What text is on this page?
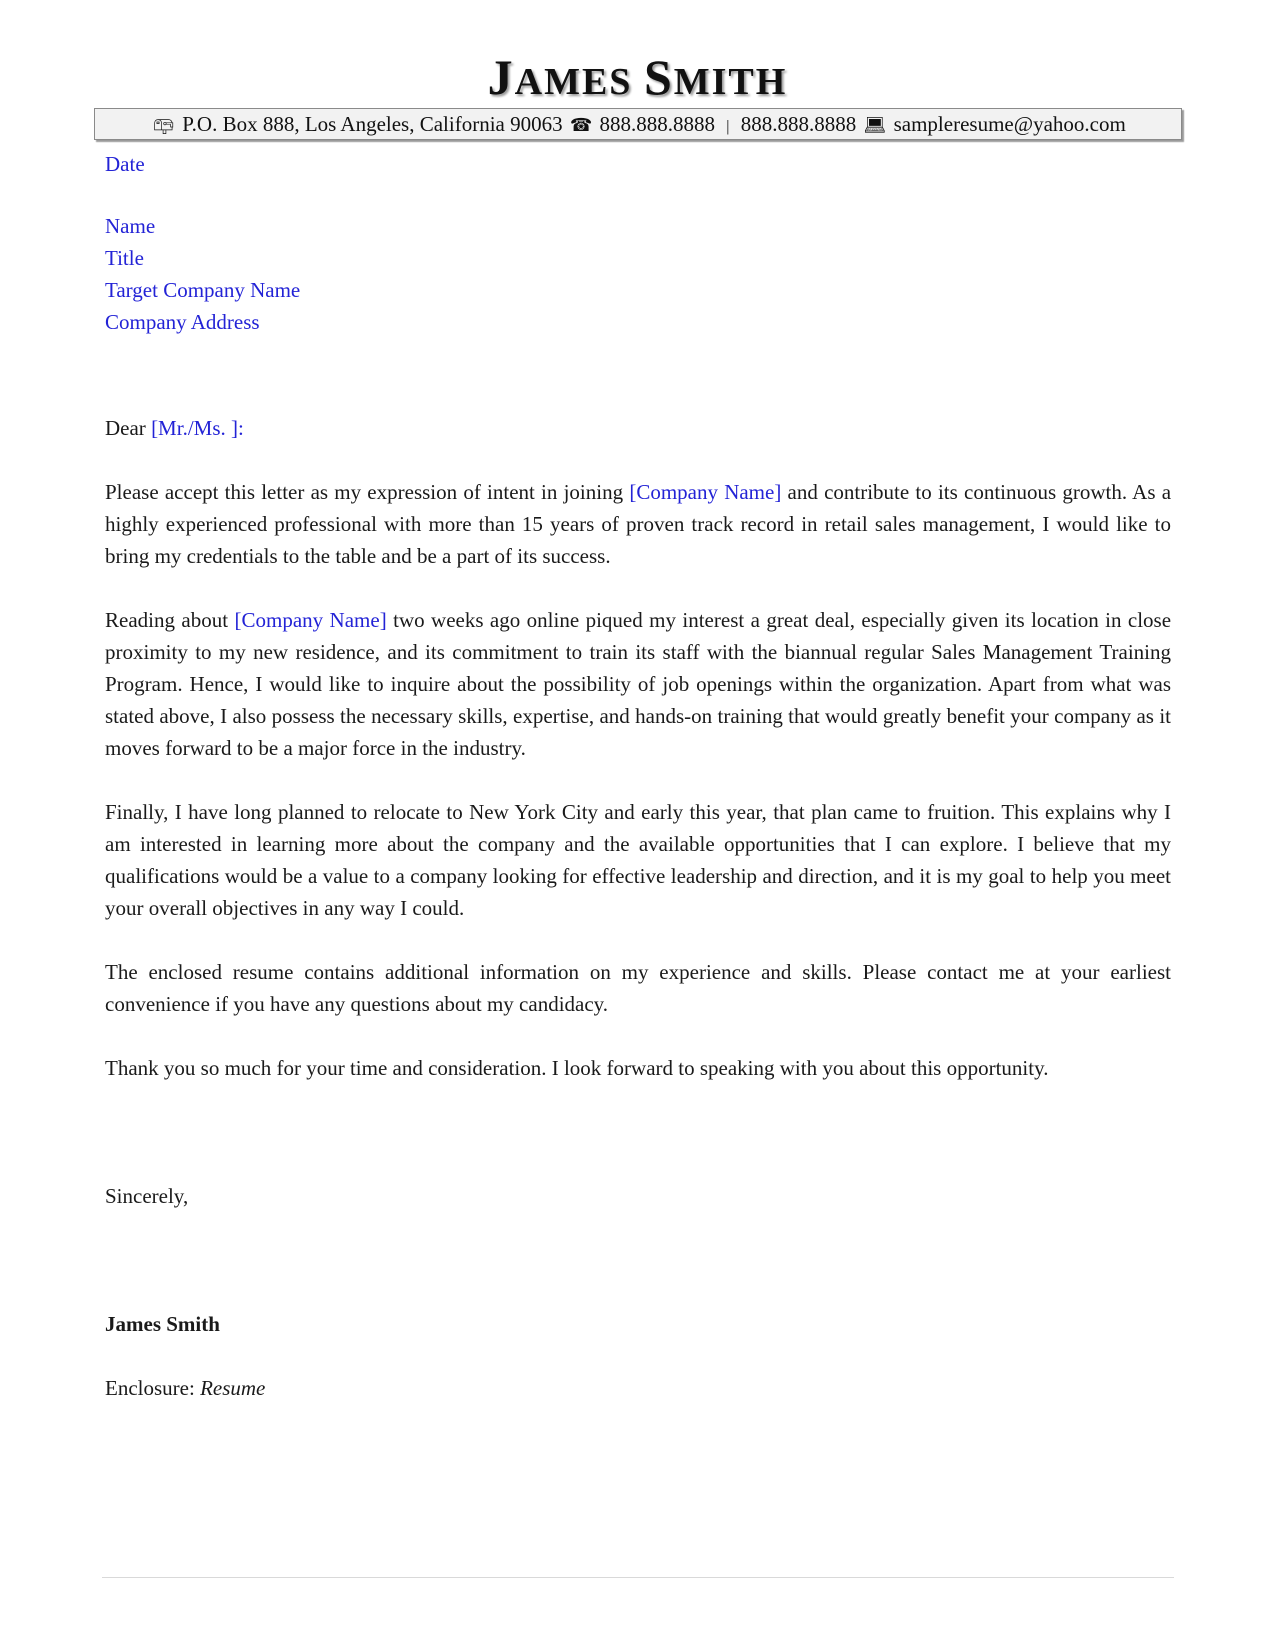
JAMES SMITH
📪︎ P.O. Box 888, Los Angeles, California 90063 ☎ 888.888.8888 | 888.888.8888 💻︎ sampleresume@yahoo.com
Date
Name
Title
Target Company Name
Company Address
Dear [Mr./Ms. ]:
Please accept this letter as my expression of intent in joining [Company Name] and contribute to its continuous growth. As a highly experienced professional with more than 15 years of proven track record in retail sales management, I would like to bring my credentials to the table and be a part of its success.
Reading about [Company Name] two weeks ago online piqued my interest a great deal, especially given its location in close proximity to my new residence, and its commitment to train its staff with the biannual regular Sales Management Training Program. Hence, I would like to inquire about the possibility of job openings within the organization. Apart from what was stated above, I also possess the necessary skills, expertise, and hands-on training that would greatly benefit your company as it moves forward to be a major force in the industry.
Finally, I have long planned to relocate to New York City and early this year, that plan came to fruition. This explains why I am interested in learning more about the company and the available opportunities that I can explore. I believe that my qualifications would be a value to a company looking for effective leadership and direction, and it is my goal to help you meet your overall objectives in any way I could.
The enclosed resume contains additional information on my experience and skills. Please contact me at your earliest convenience if you have any questions about my candidacy.
Thank you so much for your time and consideration. I look forward to speaking with you about this opportunity.
Sincerely,
James Smith
Enclosure: Resume
